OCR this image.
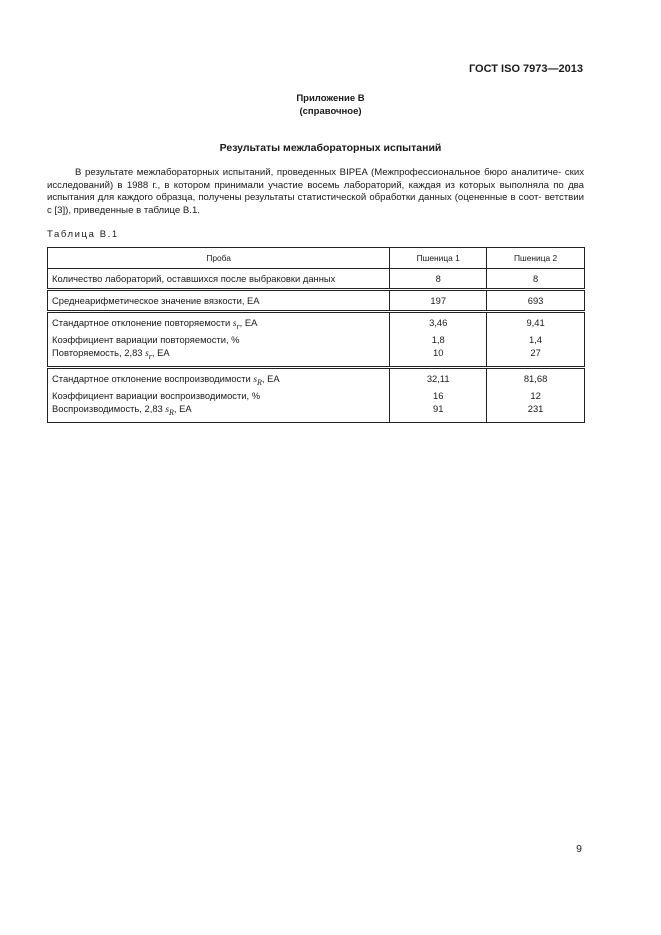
ГОСТ ISO 7973—2013
Приложение В
(справочное)
Результаты межлабораторных испытаний

В результате межлабораторных испытаний, проведенных BIPEA (Межпрофессиональное бюро аналитиче- ских исследований) в 1988 г., в котором принимали участие восемь лабораторий, каждая из которых выполняла по два испытания для каждого образца, получены результаты статистической обработки данных (оцененные в соот- ветствии с [3]), приведенные в таблице В.1.

Таблица В.1
Проба	Пшеница 1	Пшеница 2
Количество лабораторий, оставшихся после выбраковки данных	8	8
Среднеарифметическое значение вязкости, ЕА	197	693
Стандартное отклонение повторяемости $s_r$, ЕА	3,46	9,41
Коэффициент вариации повторяемости, %	1,8	1,4
Повторяемость, 2,83 $s_r$, ЕА	10	27
Стандартное отклонение воспроизводимости $s_R$, ЕА	32,11	81,68
Коэффициент вариации воспроизводимости, %	16	12
Воспроизводимость, 2,83 $s_R$, ЕА	91	231
9
